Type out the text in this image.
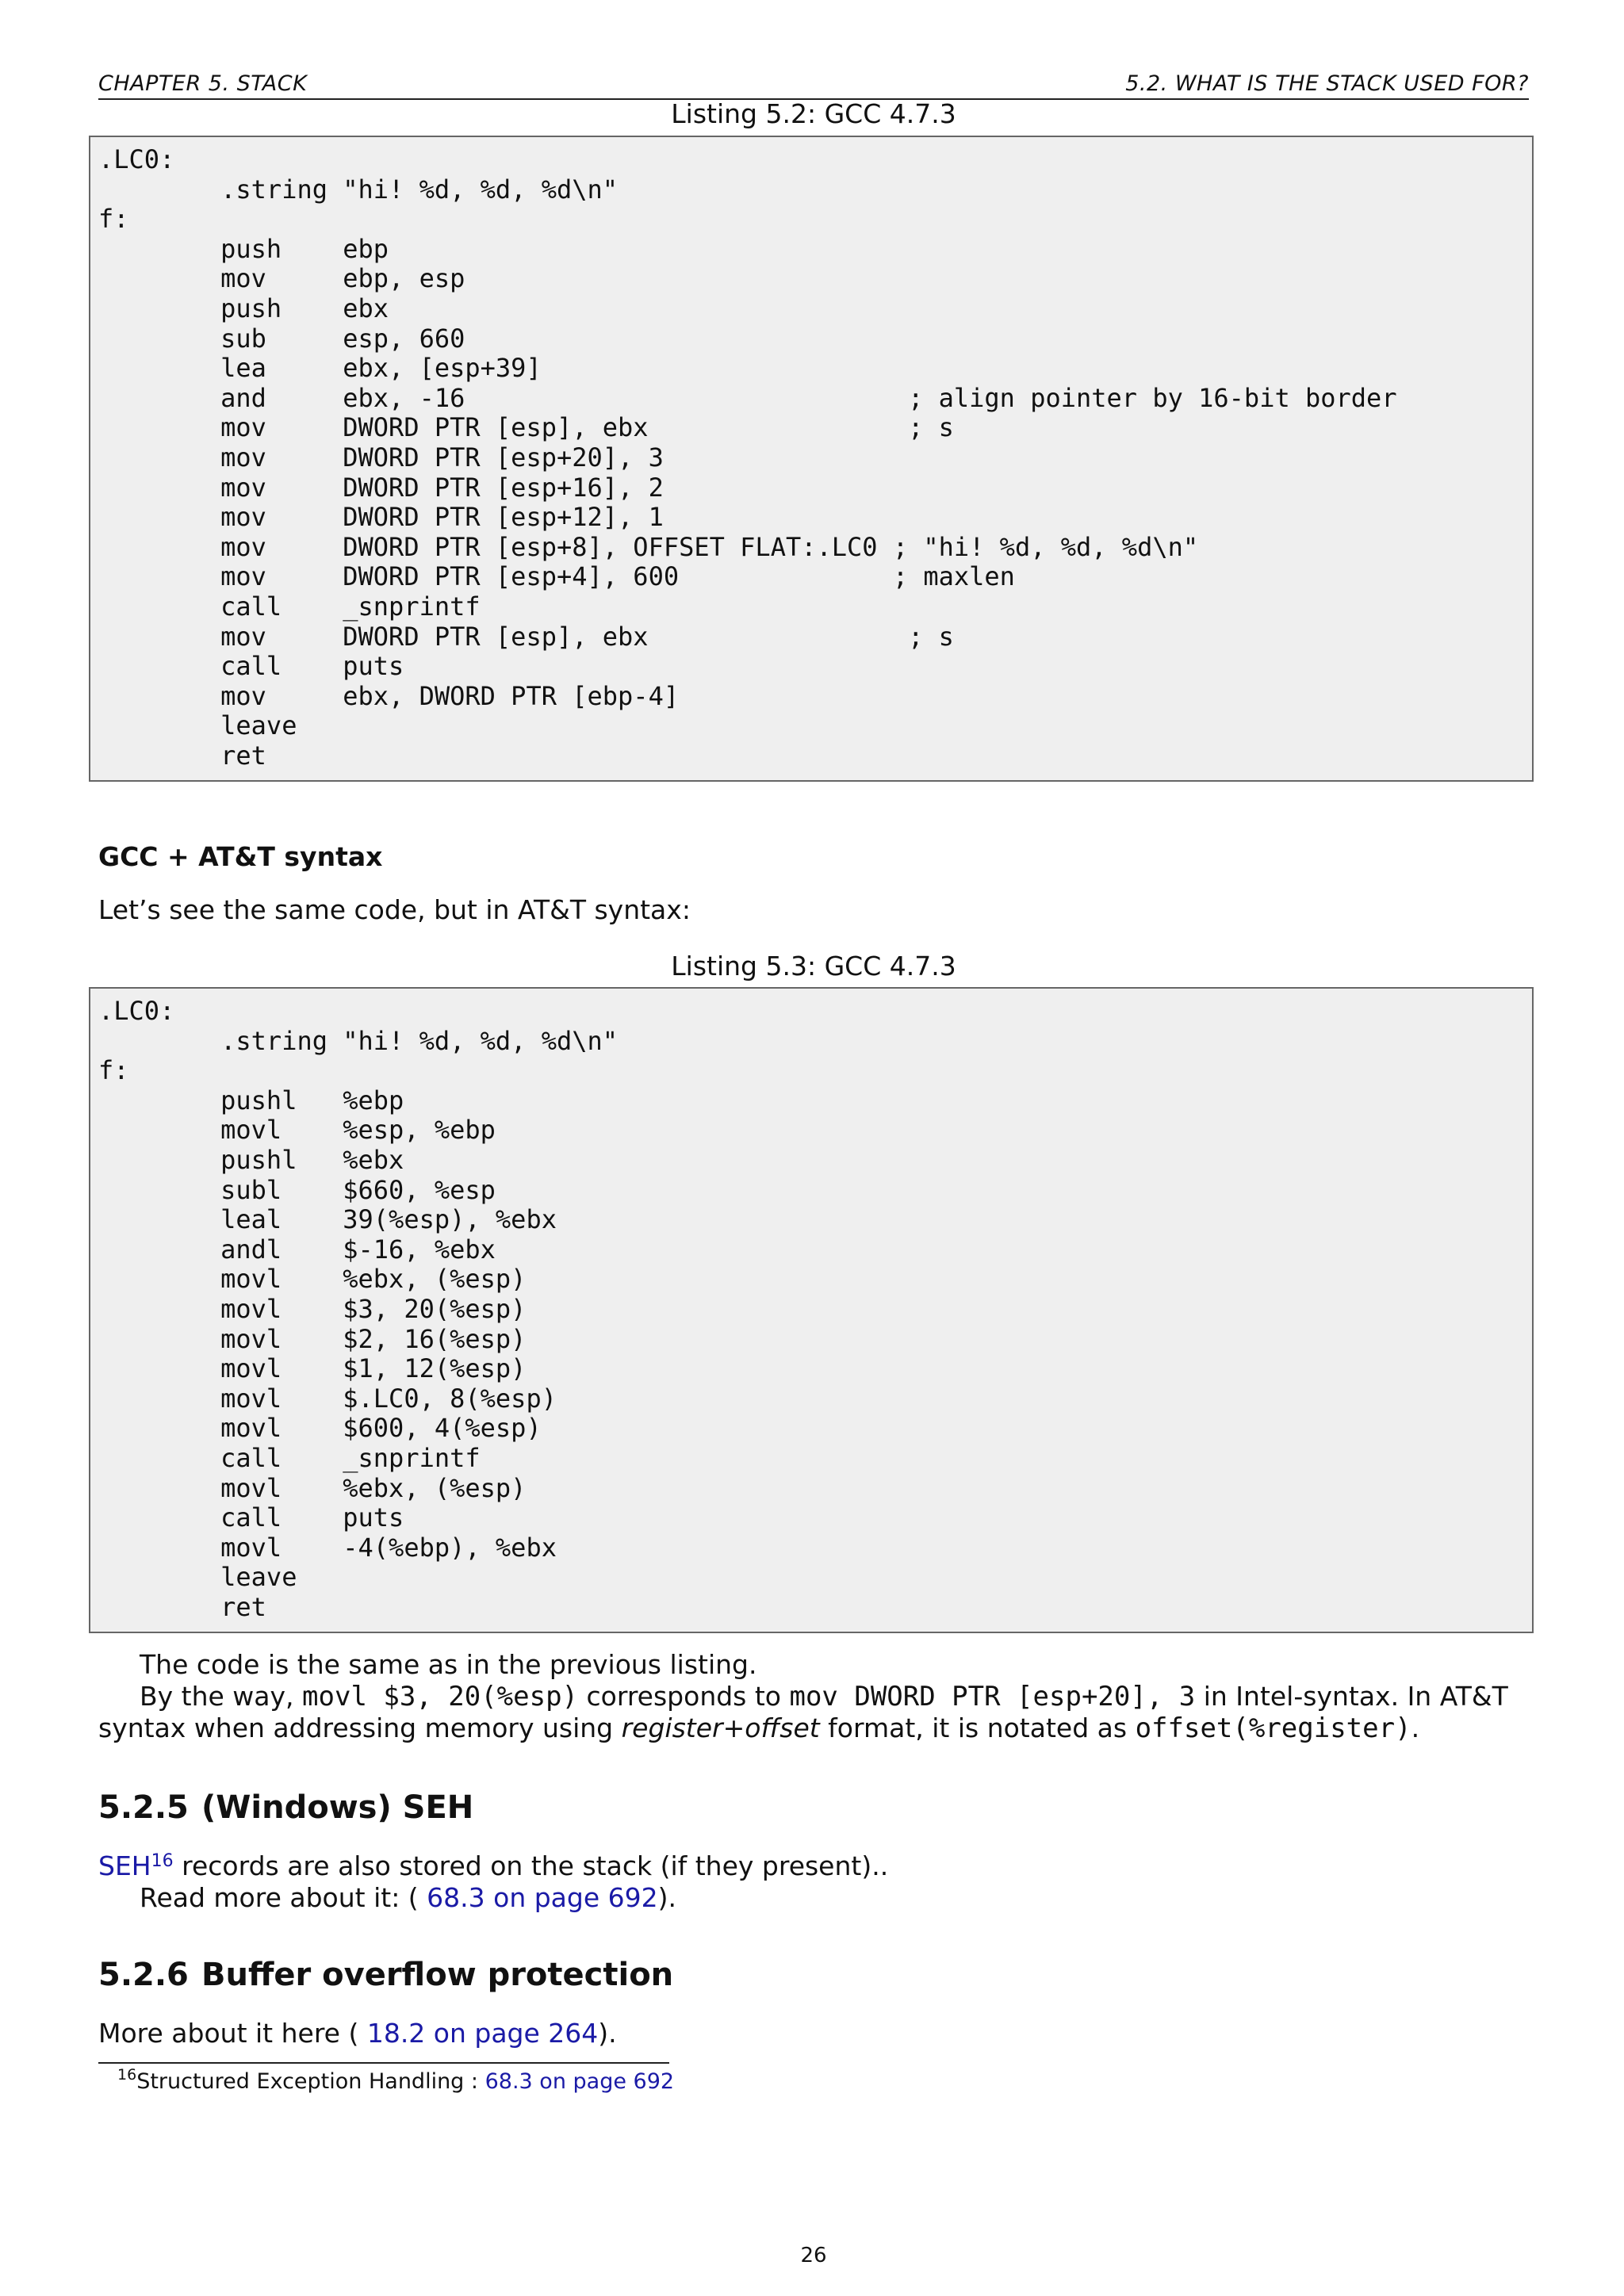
CHAPTER 5. STACK	5.2. WHAT IS THE STACK USED FOR?
Listing 5.2: GCC 4.7.3
.LC0:
.string "hi! %d, %d, %d\n"
f:
push    ebp
mov     ebp, esp
push    ebx
sub     esp, 660
lea     ebx, [esp+39]
and     ebx, -16                             ; align pointer by 16-bit border
mov     DWORD PTR [esp], ebx                 ; s
mov     DWORD PTR [esp+20], 3
mov     DWORD PTR [esp+16], 2
mov     DWORD PTR [esp+12], 1
mov     DWORD PTR [esp+8], OFFSET FLAT:.LC0 ; "hi! %d, %d, %d\n"
mov     DWORD PTR [esp+4], 600              ; maxlen
call    _snprintf
mov     DWORD PTR [esp], ebx                 ; s
call    puts
mov     ebx, DWORD PTR [ebp-4]
leave
ret
GCC + AT&T syntax
Let’s see the same code, but in AT&T syntax:
Listing 5.3: GCC 4.7.3
.LC0:
.string "hi! %d, %d, %d\n"
f:
pushl   %ebp
movl    %esp, %ebp
pushl   %ebx
subl    $660, %esp
leal    39(%esp), %ebx
andl    $-16, %ebx
movl    %ebx, (%esp)
movl    $3, 20(%esp)
movl    $2, 16(%esp)
movl    $1, 12(%esp)
movl    $.LC0, 8(%esp)
movl    $600, 4(%esp)
call    _snprintf
movl    %ebx, (%esp)
call    puts
movl    -4(%ebp), %ebx
leave
ret
The code is the same as in the previous listing.
By the way, movl $3, 20(%esp) corresponds to mov DWORD PTR [esp+20], 3 in Intel-syntax. In AT&T syntax when addressing memory using register+offset format, it is notated as offset(%register).
5.2.5 (Windows) SEH
SEH$^{16}$ records are also stored on the stack (if they present)..
Read more about it: ( 68.3 on page 692).
5.2.6 Buffer overflow protection
More about it here ( 18.2 on page 264).
$^{16}$Structured Exception Handling : 68.3 on page 692
26
